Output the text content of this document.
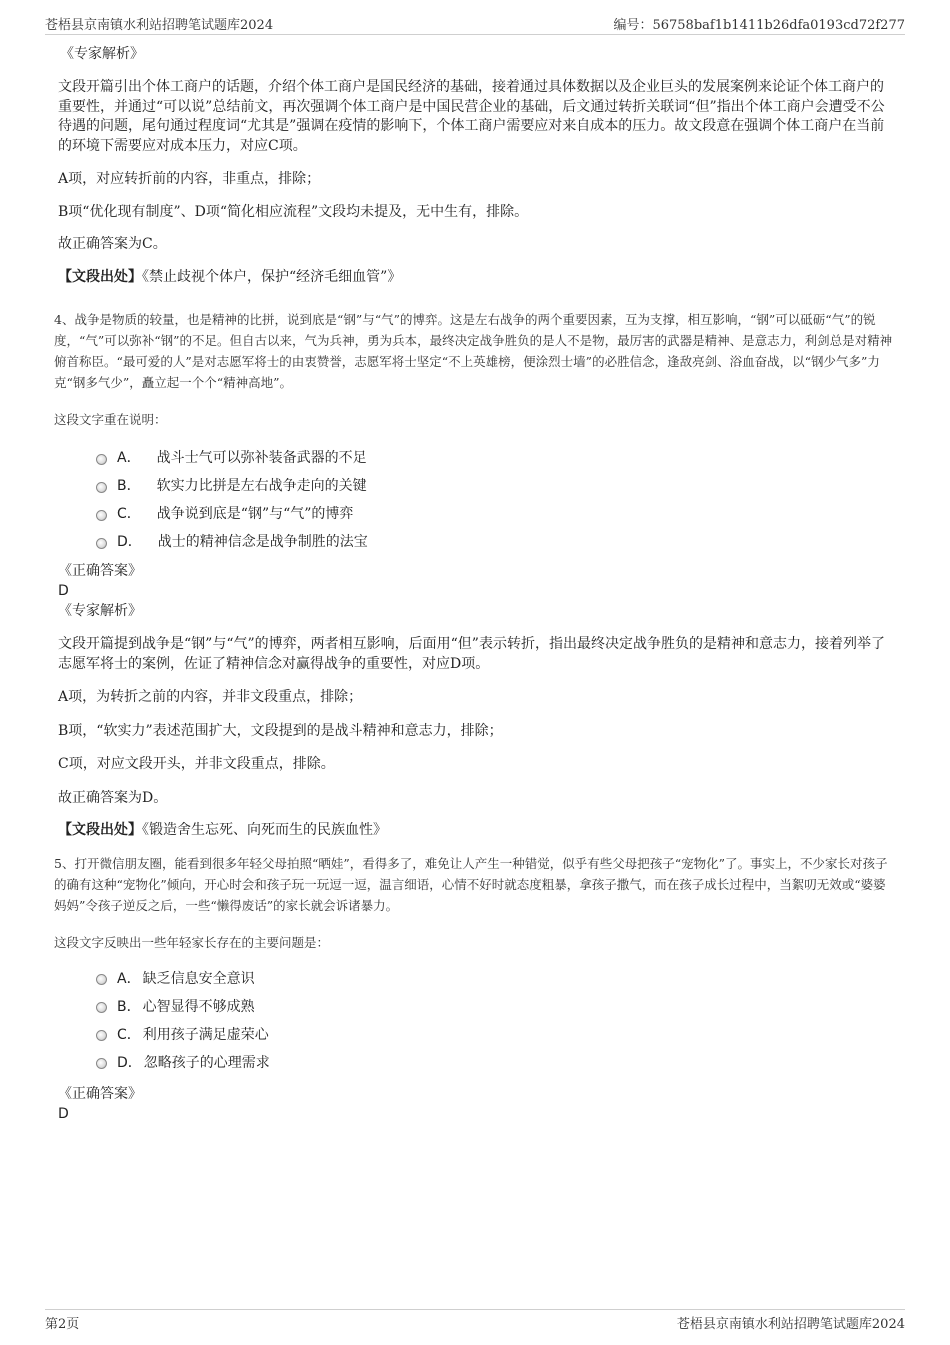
苍梧县京南镇水利站招聘笔试题库2024	编号：56758baf1b1411b26dfa0193cd72f277
《专家解析》

文段开篇引出个体工商户的话题，介绍个体工商户是国民经济的基础，接着通过具体数据以及企业巨头的发展案例来论证个体工商户的重要性，并通过“可以说”总结前文，再次强调个体工商户是中国民营企业的基础，后文通过转折关联词“但”指出个体工商户会遭受不公待遇的问题，尾句通过程度词“尤其是”强调在疫情的影响下，个体工商户需要应对来自成本的压力。故文段意在强调个体工商户在当前的环境下需要应对成本压力，对应C项。

A项，对应转折前的内容，非重点，排除；

B项“优化现有制度”、D项“简化相应流程”文段均未提及，无中生有，排除。

故正确答案为C。

【文段出处】《禁止歧视个体户，保护“经济毛细血管”》

4、战争是物质的较量，也是精神的比拼，说到底是“钢”与“气”的博弈。这是左右战争的两个重要因素，互为支撑，相互影响，“钢”可以砥砺“气”的锐度，“气”可以弥补“钢”的不足。但自古以来，气为兵神，勇为兵本，最终决定战争胜负的是人不是物，最厉害的武器是精神、是意志力，利剑总是对精神俯首称臣。“最可爱的人”是对志愿军将士的由衷赞誉，志愿军将士坚定“不上英雄榜，便涂烈士墙”的必胜信念，逢敌亮剑、浴血奋战，以“钢少气多”力克“钢多气少”，矗立起一个个“精神高地”。

这段文字重在说明：

A． 战斗士气可以弥补装备武器的不足
B． 软实力比拼是左右战争走向的关键
C． 战争说到底是“钢”与“气”的博弈
D． 战士的精神信念是战争制胜的法宝
《正确答案》
D
《专家解析》

文段开篇提到战争是“钢”与“气”的博弈，两者相互影响，后面用“但”表示转折，指出最终决定战争胜负的是精神和意志力，接着列举了志愿军将士的案例，佐证了精神信念对赢得战争的重要性，对应D项。

A项，为转折之前的内容，并非文段重点，排除；

B项，“软实力”表述范围扩大，文段提到的是战斗精神和意志力，排除；

C项，对应文段开头，并非文段重点，排除。

故正确答案为D。

【文段出处】《锻造舍生忘死、向死而生的民族血性》

5、打开微信朋友圈，能看到很多年轻父母拍照“晒娃”，看得多了，难免让人产生一种错觉，似乎有些父母把孩子“宠物化”了。事实上，不少家长对孩子的确有这种“宠物化”倾向，开心时会和孩子玩一玩逗一逗，温言细语，心情不好时就态度粗暴，拿孩子撒气，而在孩子成长过程中，当絮叨无效或“婆婆妈妈”令孩子逆反之后，一些“懒得废话”的家长就会诉诸暴力。

这段文字反映出一些年轻家长存在的主要问题是：

A． 缺乏信息安全意识
B． 心智显得不够成熟
C． 利用孩子满足虚荣心
D． 忽略孩子的心理需求
《正确答案》
D
第2页	苍梧县京南镇水利站招聘笔试题库2024
